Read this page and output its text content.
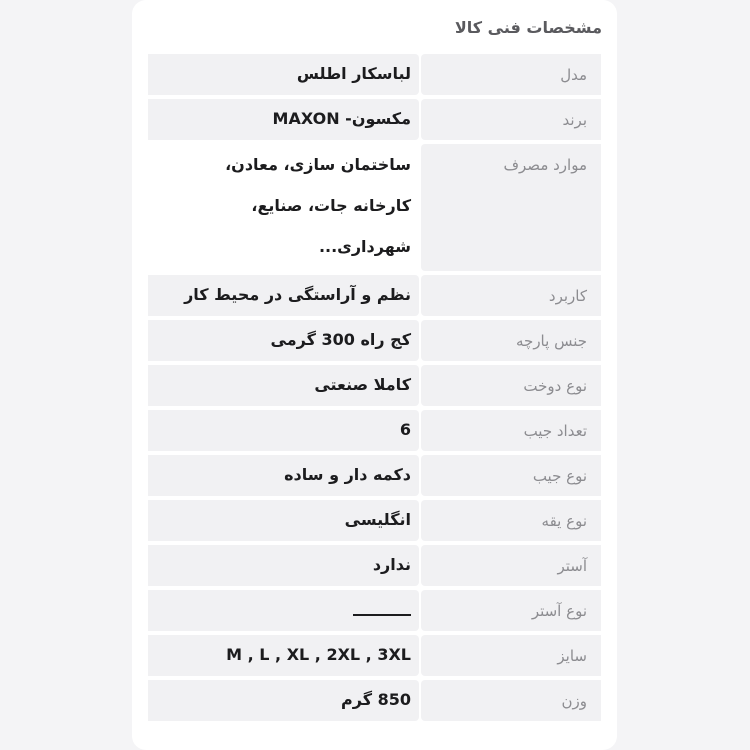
مشخصات فنی کالا
مدل
لباسکار اطلس
برند
مکسون- MAXON
موارد مصرف
ساختمان سازی، معادن، کارخانه جات، صنایع، شهرداری...
کاربرد
نظم و آراستگی در محیط کار
جنس پارچه
کج راه 300 گرمی
نوع دوخت
کاملا صنعتی
تعداد جیب
6
نوع جیب
دکمه دار و ساده
نوع یقه
انگلیسی
آستر
ندارد
نوع آستر
سایز
M , L , XL , 2XL , 3XL
وزن
850 گرم
